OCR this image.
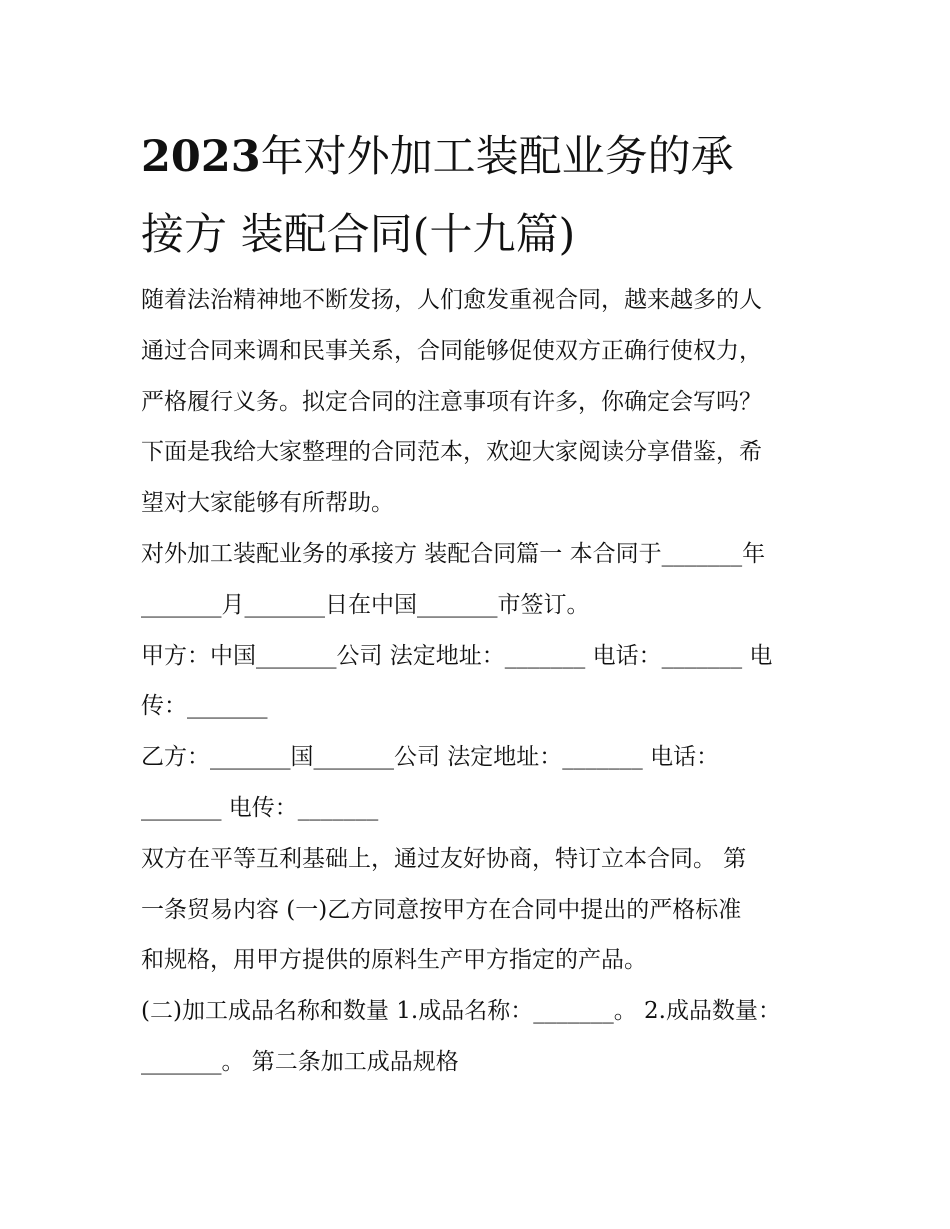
2023年对外加工装配业务的承
接方 装配合同(十九篇)
随着法治精神地不断发扬，人们愈发重视合同，越来越多的人
通过合同来调和民事关系，合同能够促使双方正确行使权力，
严格履行义务。拟定合同的注意事项有许多，你确定会写吗？
下面是我给大家整理的合同范本，欢迎大家阅读分享借鉴，希
望对大家能够有所帮助。
对外加工装配业务的承接方 装配合同篇一 本合同于_______年
_______月_______日在中国_______市签订。
甲方：中国_______公司 法定地址：_______ 电话：_______ 电
传：_______
乙方：_______国_______公司 法定地址：_______ 电话：
_______ 电传：_______
双方在平等互利基础上，通过友好协商，特订立本合同。 第
一条贸易内容 (一)乙方同意按甲方在合同中提出的严格标准
和规格，用甲方提供的原料生产甲方指定的产品。
(二)加工成品名称和数量 1.成品名称：_______。 2.成品数量：
_______。 第二条加工成品规格
